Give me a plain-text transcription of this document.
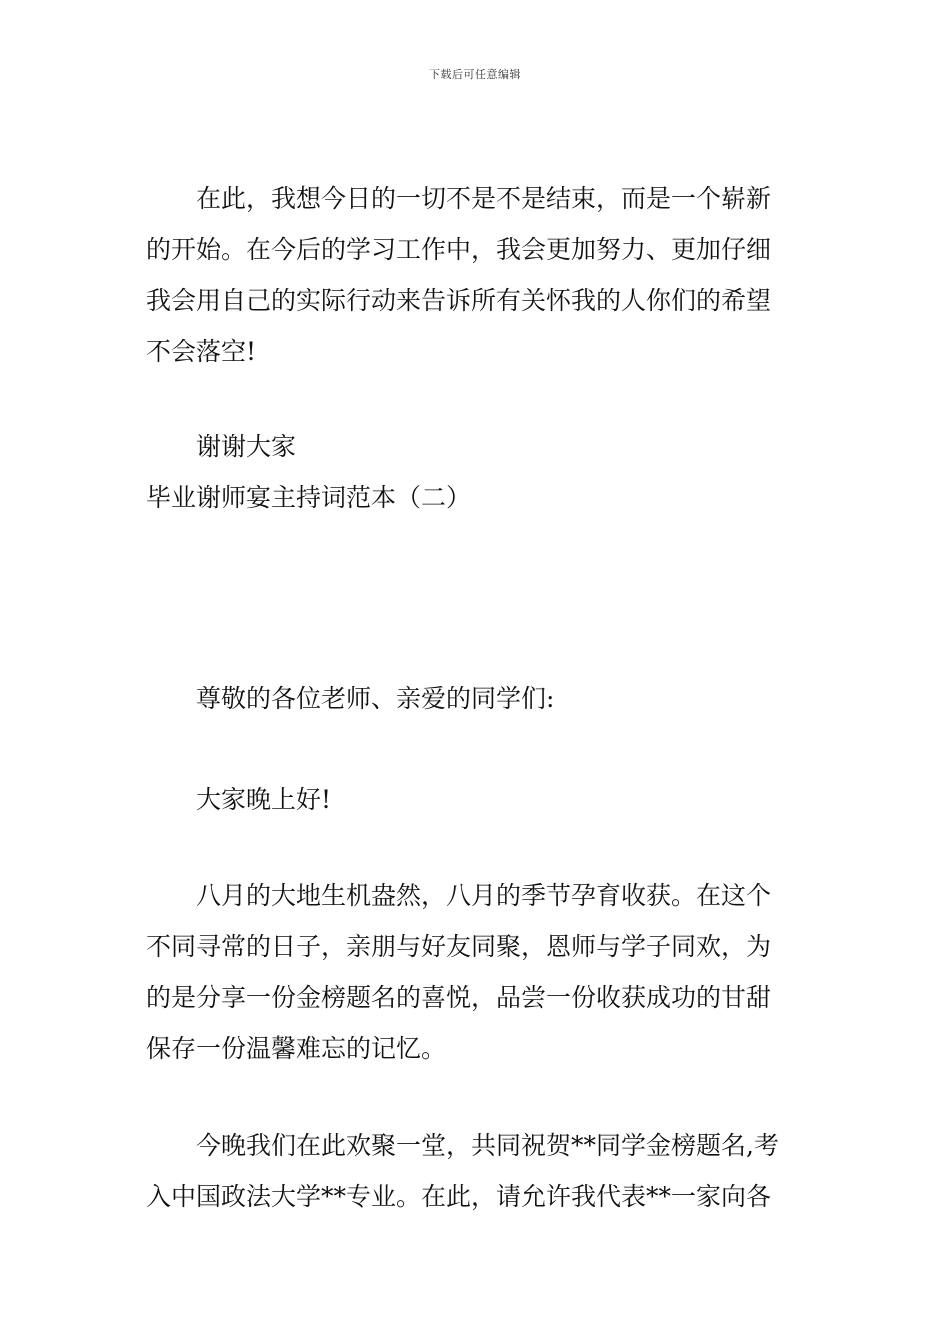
下载后可任意编辑
在此，我想今日的一切不是不是结束，而是一个崭新
的开始。在今后的学习工作中，我会更加努力、更加仔细
我会用自己的实际行动来告诉所有关怀我的人你们的希望
不会落空!
谢谢大家
毕业谢师宴主持词范本（二）
尊敬的各位老师、亲爱的同学们:
大家晚上好!
八月的大地生机盎然，八月的季节孕育收获。在这个
不同寻常的日子，亲朋与好友同聚，恩师与学子同欢，为
的是分享一份金榜题名的喜悦，品尝一份收获成功的甘甜
保存一份温馨难忘的记忆。
今晚我们在此欢聚一堂，共同祝贺**同学金榜题名,考
入中国政法大学**专业。在此，请允许我代表**一家向各
